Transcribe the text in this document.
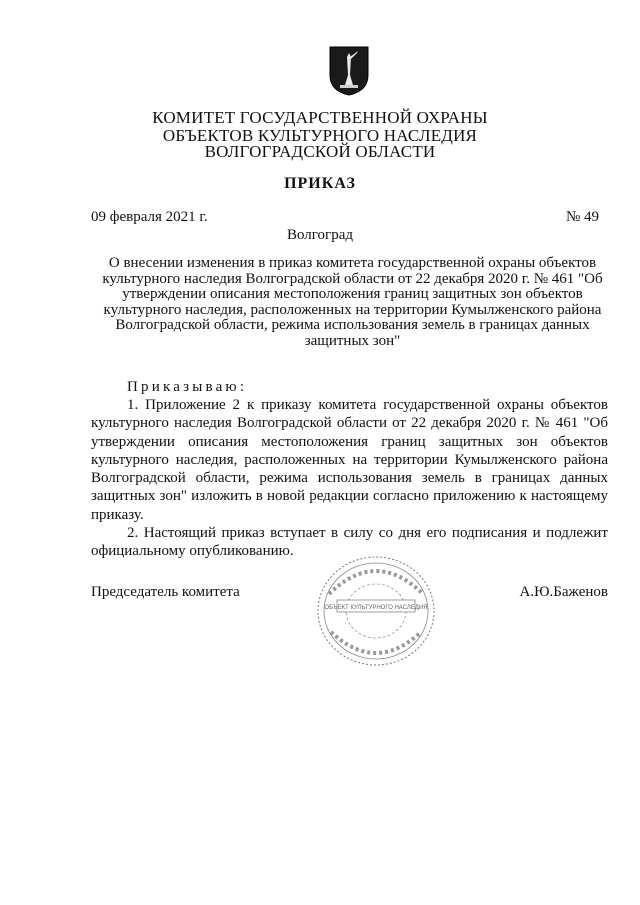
КОМИТЕТ ГОСУДАРСТВЕННОЙ ОХРАНЫ
ОБЪЕКТОВ КУЛЬТУРНОГО НАСЛЕДИЯ
ВОЛГОГРАДСКОЙ ОБЛАСТИ
ПРИКАЗ
09 февраля 2021 г.	№ 49
Волгоград
О внесении изменения в приказ комитета государственной охраны объектов культурного наследия Волгоградской области от 22 декабря 2020 г. № 461 "Об утверждении описания местоположения границ защитных зон объектов культурного наследия, расположенных на территории Кумылженского района Волгоградской области, режима использования земель в границах данных защитных зон"
Приказываю:

1. Приложение 2 к приказу комитета государственной охраны объектов культурного наследия Волгоградской области от 22 декабря 2020 г. № 461 "Об утверждении описания местоположения границ защитных зон объектов культурного наследия, расположенных на территории Кумылженского района Волгоградской области, режима использования земель в границах данных защитных зон" изложить в новой редакции согласно приложению к настоящему приказу.

2. Настоящий приказ вступает в силу со дня его подписания и подлежит официальному опубликованию.

Председатель комитета	А.Ю.Баженов
ОБЪЕКТ КУЛЬТУРНОГО НАСЛЕДИЯ
